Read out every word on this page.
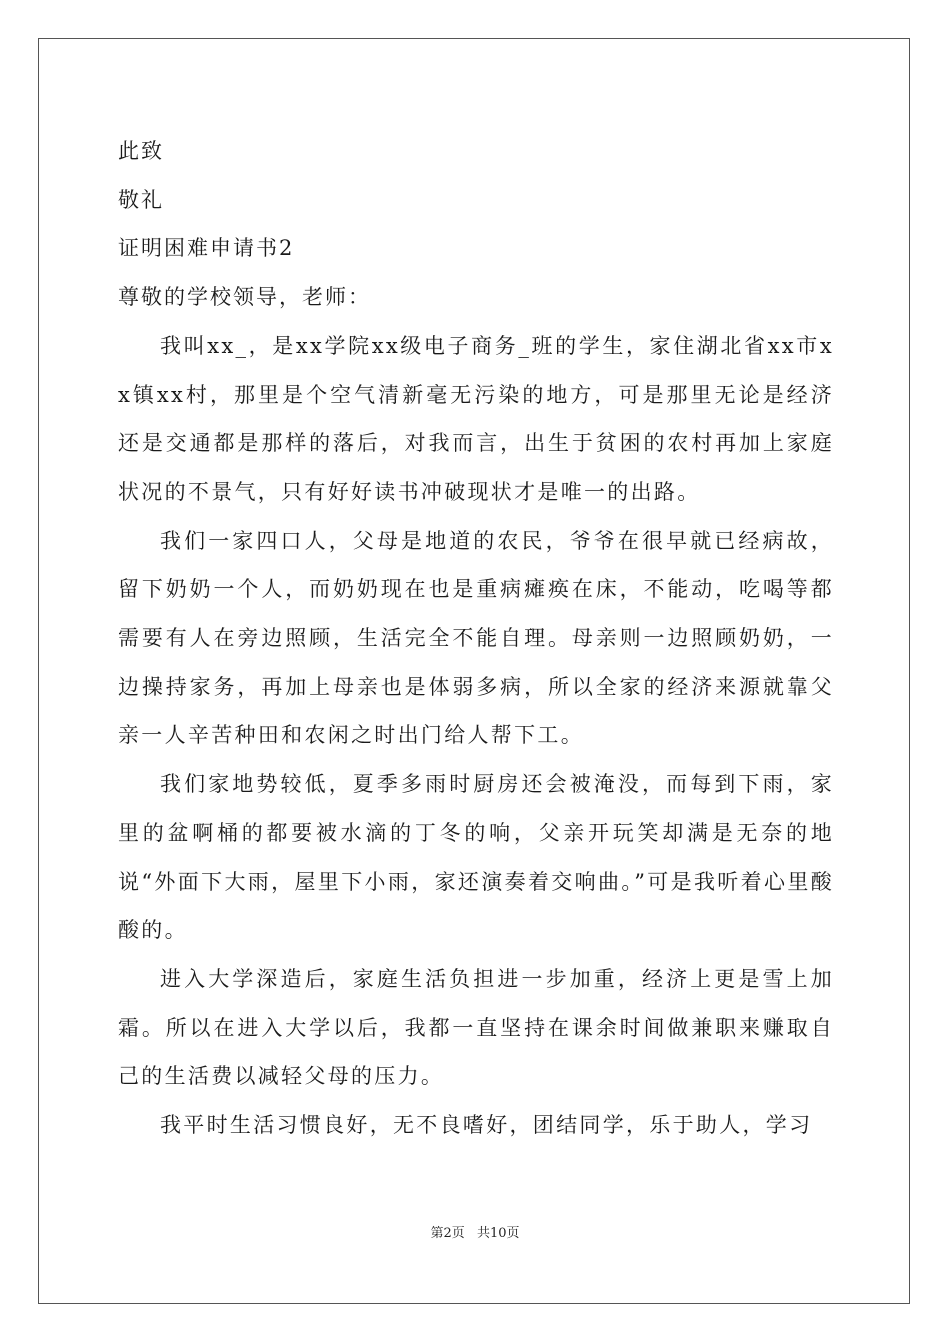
此致

敬礼

证明困难申请书2

尊敬的学校领导，老师：

我叫xx_，是xx学院xx级电子商务_班的学生，家住湖北省xx市xx镇xx村，那里是个空气清新毫无污染的地方，可是那里无论是经济还是交通都是那样的落后，对我而言，出生于贫困的农村再加上家庭状况的不景气，只有好好读书冲破现状才是唯一的出路。

我们一家四口人，父母是地道的农民，爷爷在很早就已经病故，留下奶奶一个人，而奶奶现在也是重病瘫痪在床，不能动，吃喝等都需要有人在旁边照顾，生活完全不能自理。母亲则一边照顾奶奶，一边操持家务，再加上母亲也是体弱多病，所以全家的经济来源就靠父亲一人辛苦种田和农闲之时出门给人帮下工。

我们家地势较低，夏季多雨时厨房还会被淹没，而每到下雨，家里的盆啊桶的都要被水滴的丁冬的响，父亲开玩笑却满是无奈的地说“外面下大雨，屋里下小雨，家还演奏着交响曲。”可是我听着心里酸酸的。

进入大学深造后，家庭生活负担进一步加重，经济上更是雪上加霜。所以在进入大学以后，我都一直坚持在课余时间做兼职来赚取自己的生活费以减轻父母的压力。

我平时生活习惯良好，无不良嗜好，团结同学，乐于助人，学习

第2页 共10页
